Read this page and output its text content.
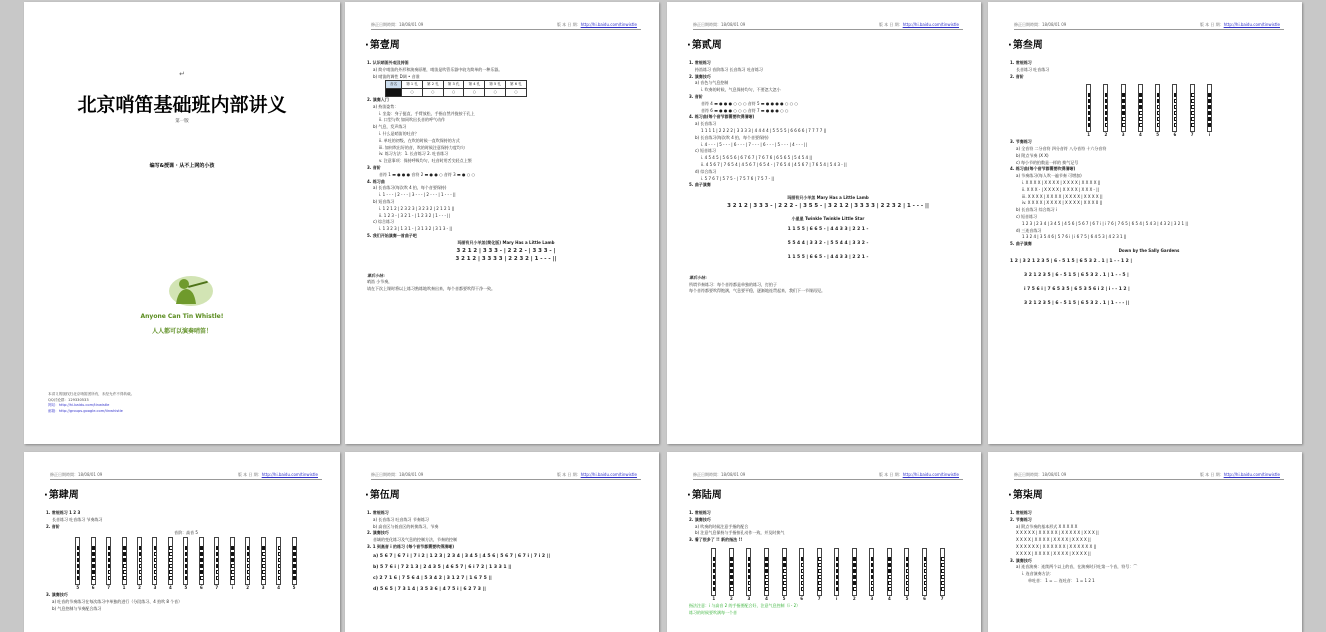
↵
北京哨笛基础班内部讲义
第一版
编写&授课 · 从不上网的小孩
Anyone Can Tin Whistle!
人人都可以演奏哨笛！
本讲义的版权归北京哨笛团所有，未经允许不得转载。
QQ讨论群：129330533
网站：http://hi.baidu.com/tinwistle
邮箱：http://groups.google.com/tinwhistle
修正日期時間：18/08/01 09	版 本 日 期：http://hi.baidu.com/tinwistle
· 第壹周
1. 认识哨笛外观及持笛
a) 简介哨笛的外形和演奏原理，哨笛是吹管乐器中较为简单的一种乐器。
b) 哨笛的调性 D调 • 音准
音名	第 1 孔	第 2 孔	第 3 孔	第 4 孔	第 5 孔	第 6 孔
	○	○	○	○	○	○
2. 演奏入门
a) 持笛姿势：
i. 坐姿：身子挺直，手臂放松，手指自然并拢按于孔上
ii. 口型与吹 如同吹出长音的呼气动作
b) 气息，发声练习
i. 什么是哨笛的吐音？
ii. 单吐的初级，在吹的时候一直吹保持的方式
iii. 如何吹出好的音，吹的时候注意保持力度均匀
iv. 练习方法：1. 长音练习 2. 吐音练习
v. 注意事项：保持呼吸均匀，吐音时用舌尖轻点上颚
3. 音阶
音符 1 ▬ ● ● ● 音符 2 ▬ ● ● ○ 音符 3 ▬ ● ○ ○
4. 练习曲
a) 长音练习(每次吹 4 拍，每个音要保持)
i. 1 - - - | 2 - - - | 3 - - - | 2 - - - | 1 - - - ||
b) 短音练习
i. 1 2 1 2 | 2 3 2 3 | 3 2 3 2 | 2 1 2 1 ||
ii. 1 2 3 - | 3 2 1 - | 1 2 3 2 | 1 - - - ||
c) 综合练习
i. 1 3 2 3 | 1 3 1 - | 3 1 3 2 | 3 1 3 - ||
5. 我们开始演奏一首曲子吧
玛丽有只小羊羔(简化版) Mary Has a Little Lamb
3 2 1 2 | 3 3 3 - | 2 2 2 - | 3 3 3 - |
3 2 1 2 | 3 3 3 3 | 2 2 3 2 | 1 - - - ||
课后小结：
哨笛 小节奏，
请在下次上课时将以上练习熟练地吹奏出来，每个音都要吹得干净一致。
修正日期時間：18/08/01 09	版 本 日 期：http://hi.baidu.com/tinwistle
· 第贰周
1. 常规练习
持笛练习 音阶练习 长音练习 吐音练习
2. 演奏技巧
a) 音色与气息控制
i. 吹奏的时候，气息保持均匀，不要忽大忽小
3. 音阶
音符 4 ▬ ● ● ● ○ ○ ○ 音符 5 ▬ ● ● ● ● ○ ○ ○
音符 6 ▬ ● ● ● ○ ○ ○ 音符 7 ▬ ● ● ● ○ ○
4. 练习曲(每个音节都需要吹得清晰)
a) 长音练习
1 1 1 1 | 2 2 2 2 | 3 3 3 3 | 4 4 4 4 | 5 5 5 5 | 6 6 6 6 | 7 7 7 7 ||
b) 长音练习(每次吹 4 拍，每个音要保持)
i. 4 - - - | 5 - - - | 6 - - - | 7 - - - | 6 - - - | 5 - - - | 4 - - - ||
c) 短音练习
i. 4 5 4 5 | 5 6 5 6 | 6 7 6 7 | 7 6 7 6 | 6 5 6 5 | 5 4 5 4 ||
ii. 4 5 6 7 | 7 6 5 4 | 4 5 6 7 | 6 5 4 - | 7 6 5 4 | 4 5 6 7 | 7 6 5 4 | 5 4 3 - ||
d) 综合练习
i. 5 7 6 7 | 5 7 5 - | 7 5 7 6 | 7 5 7 - ||
5. 曲子演奏
玛丽有只小羊羔 Mary Has a Little Lamb
3 2 1 2 | 3 3 3 - | 2 2 2 - | 3 5 5 - | 3 2 1 2 | 3 3 3 3 | 2 2 3 2 | 1 - - - ||
小星星 Twinkle Twinkle Little Star
1 1 5 5 | 6 6 5 - | 4 4 3 3 | 2 2 1 -
5 5 4 4 | 3 3 2 - | 5 5 4 4 | 3 3 2 -
1 1 5 5 | 6 6 5 - | 4 4 3 3 | 2 2 1 -
课后小结：
所谓节奏练习：每个音符都是单独的练习，打拍子
每个音符都要吹得饱满，气息要平稳，逐渐地连贯起来，我们下一节课再见。
修正日期時間：18/08/01 09	版 本 日 期：http://hi.baidu.com/tinwistle
· 第叁周
1. 常规练习
长音练习 吐音练习
2. 音阶
1	2	3	4	5	6	7	i
3. 节奏练习
a) 全音符 二分音符 四分音符 八分音符 十六分音符
b) 附点节奏 (X X)
c) 每小节的拍数是一样的 换气记号
4. 练习曲(每个音节都需要吹得清晰)
a) 节奏练习(每人吹一遍节奏 可增加)
i. X X X X | X X X X | X X X X | X X X X ||
ii. X X X - | X X X X | X X X X | X X X - ||
iii. X X X X | X X X X | X X X X | X X X X ||
iv. X X X X | X X X X | X X X X | X X X 0 ||
b) 长音练习 综合练习 i
c) 短音练习
1 2 3 | 2 3 4 | 3 4 5 | 4 5 6 | 5 6 7 | 6 7 i | i 7 6 | 7 6 5 | 6 5 4 | 5 4 3 | 4 3 2 | 3 2 1 ||
d) 三连音练习
1 3 2 4 | 3 5 4 6 | 5 7 6 i | i 6 7 5 | 6 4 5 3 | 4 2 3 1 ||
5. 曲子演奏
Down by the Sally Gardens
1 2 | 3 2 1 2 3 5 | 6 - 5 1 5 | 6 5 3 2 . 1 | 1 - - 1 2 |
3 2 1 2 3 5 | 6 - 5 1 5 | 6 5 3 2 . 1 | 1 - - 5 |
i 7 5 6 i | 7 6 5 3 5 | 6 5 3 5 6 i 2 | i - - 1 2 |
3 2 1 2 3 5 | 6 - 5 1 5 | 6 5 3 2 . 1 | 1 - - - ||
修正日期時間：18/08/01 09	版 本 日 期：http://hi.baidu.com/tinwistle
· 第肆周
1. 常规练习 1 2 3
长音练习 吐音练习 节奏练习
2. 音阶
音阶：高音 5
5	6	7	1	2	3	4	5	6	7	i	2	3	4	5
3. 演奏技巧
a) 吐音的节奏练习在每次练习中单独的进行（分段练习、4 拍吹 8 个音）
b) 气息控制与节奏配合练习
修正日期時間：18/08/01 09	版 本 日 期：http://hi.baidu.com/tinwistle
· 第伍周
1. 常规练习
a) 长音练习 吐音练习 节奏练习
b) 高音区与低音区的转换练习，节奏
2. 演奏技巧
音域的变化练习及气息的控制方法，节奏的控制
3. 1 到高音 i 的练习 (每个音节都需要吹得清晰)
a) 5 6 7 | 6 7 i | 7 i 2 | 1 2 3 | 2 3 4 | 3 4 5 | 4 5 6 | 5 6 7 | 6 7 i | 7 i 2 ||
b) 5 7 6 i | 7 2 1 3 | 2 4 3 5 | 4 6 5 7 | 6 i 7 2 | 1 3 3 1 ||
c) 2 7 1 6 | 7 5 6 4 | 5 3 4 2 | 3 1 2 7 | 1 6 7 5 ||
d) 5 6 5 | 7 3 1 4 | 3 5 3 6 | 4 7 5 i | 6 2 7 3 ||
修正日期時間：18/08/01 09	版 本 日 期：http://hi.baidu.com/tinwistle
· 第陆周
1. 常规练习
2. 演奏技巧
a) 吹奏的时候注意手指的配合
b) 注意气息保持与手指按孔动作一致，并及时换气
3. 看了很多了 !! 新的指法 !!
1	2	3	4	5	6	7	i	2	3	4	5	6	7
指法注意：i 与高音 2 的手指要配合好，注意气息控制（i - 2）
练习的时候要吹满每一个音
修正日期時間：18/08/01 09	版 本 日 期：http://hi.baidu.com/tinwistle
· 第柒周
1. 常规练习
2. 节奏练习
a) 附点节奏的基本形式 X X X X X
X X X X X | X X X X X | X X X X X | X X X ||
X X X X | X X X X | X X X X | X X X X ||
X X X X X X | X X X X X X | X X X X X X ||
X X X X | X X X X | X X X X | X X X X ||
3. 演奏技巧
a) 连音演奏：连续两个以上的音，在演奏时只吐第一个音，符号：⌒
i. 连音演奏方法：
单吐音： 1 = ... 连吐音： 1 = 1 2 1
